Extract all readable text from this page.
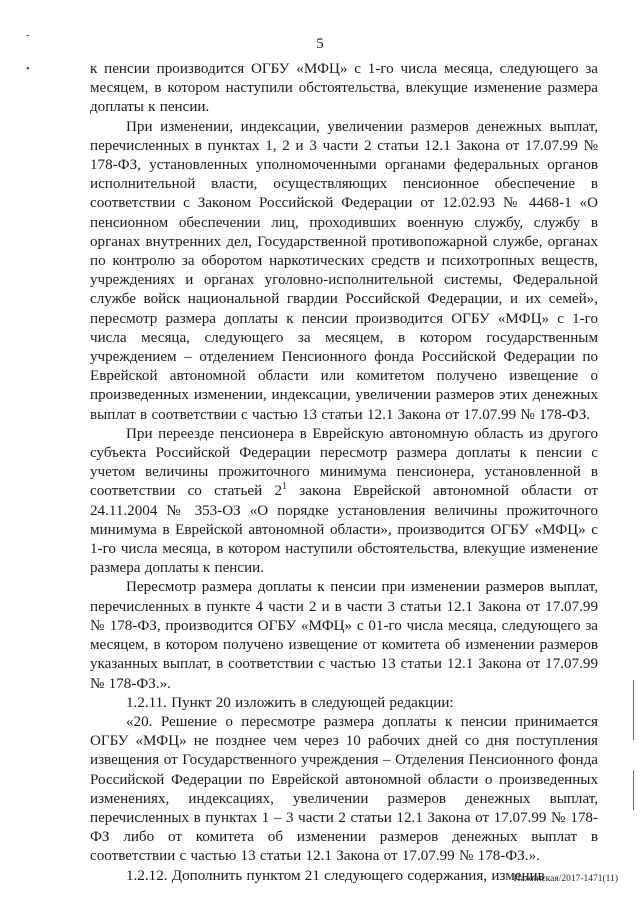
5
-
•	к пенсии производится ОГБУ «МФЦ» с 1-го числа месяца, следующего за месяцем, в котором наступили обстоятельства, влекущие изменение размера доплаты к пенсии.

При изменении, индексации, увеличении размеров денежных выплат, перечисленных в пунктах 1, 2 и 3 части 2 статьи 12.1 Закона от 17.07.99 № 178-ФЗ, установленных уполномоченными органами федеральных органов исполнительной власти, осуществляющих пенсионное обеспечение в соответствии с Законом Российской Федерации от 12.02.93 № 4468-1 «О пенсионном обеспечении лиц, проходивших военную службу, службу в органах внутренних дел, Государственной противопожарной службе, органах по контролю за оборотом наркотических средств и психотропных веществ, учреждениях и органах уголовно-исполнительной системы, Федеральной службе войск национальной гвардии Российской Федерации, и их семей», пересмотр размера доплаты к пенсии производится ОГБУ «МФЦ» с 1-го числа месяца, следующего за месяцем, в котором государственным учреждением – отделением Пенсионного фонда Российской Федерации по Еврейской автономной области или комитетом получено извещение о произведенных изменении, индексации, увеличении размеров этих денежных выплат в соответствии с частью 13 статьи 12.1 Закона от 17.07.99 № 178-ФЗ.

При переезде пенсионера в Еврейскую автономную область из другого субъекта Российской Федерации пересмотр размера доплаты к пенсии с учетом величины прожиточного минимума пенсионера, установленной в соответствии со статьей $2^1$ закона Еврейской автономной области от 24.11.2004 № 353-ОЗ «О порядке установления величины прожиточного минимума в Еврейской автономной области», производится ОГБУ «МФЦ» с 1-го числа месяца, в котором наступили обстоятельства, влекущие изменение размера доплаты к пенсии.

Пересмотр размера доплаты к пенсии при изменении размеров выплат, перечисленных в пункте 4 части 2 и в части 3 статьи 12.1 Закона от 17.07.99 № 178-ФЗ, производится ОГБУ «МФЦ» с 01-го числа месяца, следующего за месяцем, в котором получено извещение от комитета об изменении размеров указанных выплат, в соответствии с частью 13 статьи 12.1 Закона от 17.07.99 № 178-ФЗ.».

1.2.11. Пункт 20 изложить в следующей редакции:

«20. Решение о пересмотре размера доплаты к пенсии принимается ОГБУ «МФЦ» не позднее чем через 10 рабочих дней со дня поступления извещения от Государственного учреждения – Отделения Пенсионного фонда Российской Федерации по Еврейской автономной области о произведенных изменениях, индексациях, увеличении размеров денежных выплат, перечисленных в пунктах 1 – 3 части 2 статьи 12.1 Закона от 17.07.99 № 178-ФЗ либо от комитета об изменении размеров денежных выплат в соответствии с частью 13 статьи 12.1 Закона от 17.07.99 № 178-ФЗ.».

1.2.12. Дополнить пунктом 21 следующего содержания, изменив

Пажинская/2017-1471(11)
